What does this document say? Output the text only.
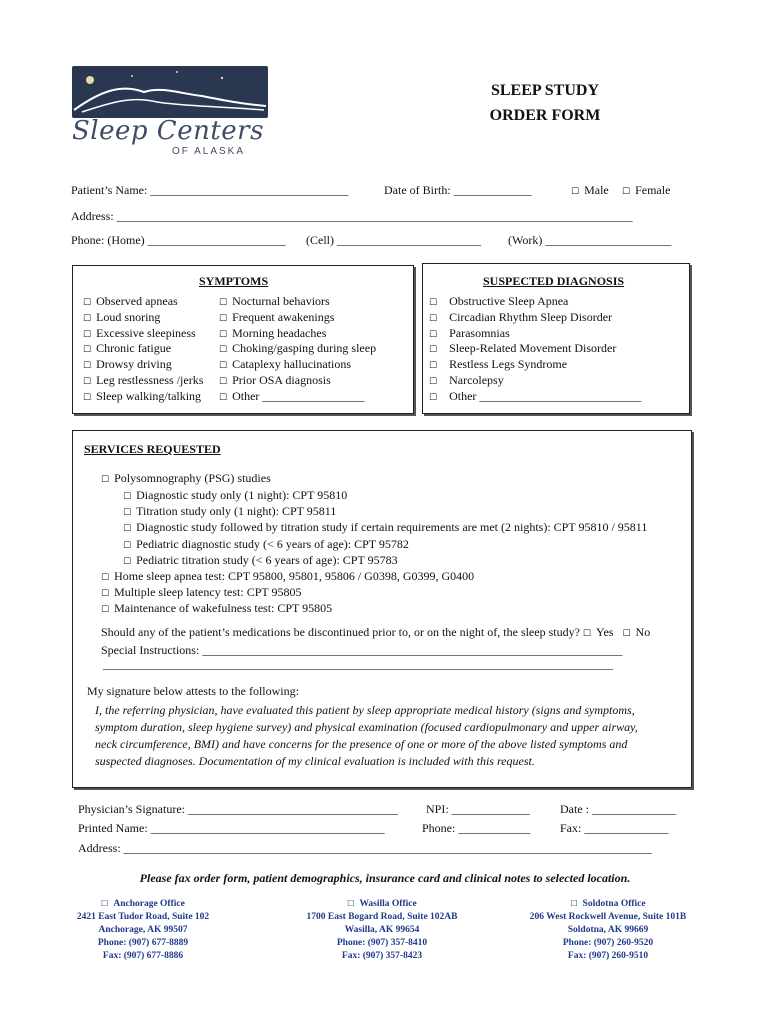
Sleep Centers
OF ALASKA
SLEEP STUDY
ORDER FORM
Patient’s Name: _________________________________	Date of Birth: _____________	☐ Male ☐ Female
Address: ______________________________________________________________________________________
Phone: (Home) _______________________ (Cell) ________________________ (Work) _____________________
SYMPTOMS
☐ Observed apneas
☐ Loud snoring
☐ Excessive sleepiness
☐ Chronic fatigue
☐ Drowsy driving
☐ Leg restlessness /jerks
☐ Sleep walking/talking
☐ Nocturnal behaviors
☐ Frequent awakenings
☐ Morning headaches
☐ Choking/gasping during sleep
☐ Cataplexy hallucinations
☐ Prior OSA diagnosis
☐ Other _________________
SUSPECTED DIAGNOSIS
☐ Obstructive Sleep Apnea
☐ Circadian Rhythm Sleep Disorder
☐ Parasomnias
☐ Sleep-Related Movement Disorder
☐ Restless Legs Syndrome
☐ Narcolepsy
☐ Other ___________________________
SERVICES REQUESTED
☐ Polysomnography (PSG) studies
☐ Diagnostic study only (1 night): CPT 95810
☐ Titration study only (1 night): CPT 95811
☐ Diagnostic study followed by titration study if certain requirements are met (2 nights): CPT 95810 / 95811
☐ Pediatric diagnostic study (< 6 years of age): CPT 95782
☐ Pediatric titration study (< 6 years of age): CPT 95783
☐ Home sleep apnea test: CPT 95800, 95801, 95806 / G0398, G0399, G0400
☐ Multiple sleep latency test: CPT 95805
☐ Maintenance of wakefulness test: CPT 95805
Should any of the patient’s medications be discontinued prior to, or on the night of, the sleep study? ☐ Yes ☐ No
Special Instructions: ______________________________________________________________________
_____________________________________________________________________________________
My signature below attests to the following:
I, the referring physician, have evaluated this patient by sleep appropriate medical history (signs and symptoms,
symptom duration, sleep hygiene survey) and physical examination (focused cardiopulmonary and upper airway,
neck circumference, BMI) and have concerns for the presence of one or more of the above listed symptoms and
suspected diagnoses. Documentation of my clinical evaluation is included with this request.
Physician’s Signature: ___________________________________ NPI: _____________	Date : ______________
Printed Name: _______________________________________	Phone: ____________ Fax: ______________
Address: ________________________________________________________________________________________
Please fax order form, patient demographics, insurance card and clinical notes to selected location.
☐ Anchorage Office
2421 East Tudor Road, Suite 102
Anchorage, AK 99507
Phone: (907) 677-8889
Fax: (907) 677-8886
☐ Wasilla Office
1700 East Bogard Road, Suite 102AB
Wasilla, AK 99654
Phone: (907) 357-8410
Fax: (907) 357-8423
☐ Soldotna Office
206 West Rockwell Avenue, Suite 101B
Soldotna, AK 99669
Phone: (907) 260-9520
Fax: (907) 260-9510
